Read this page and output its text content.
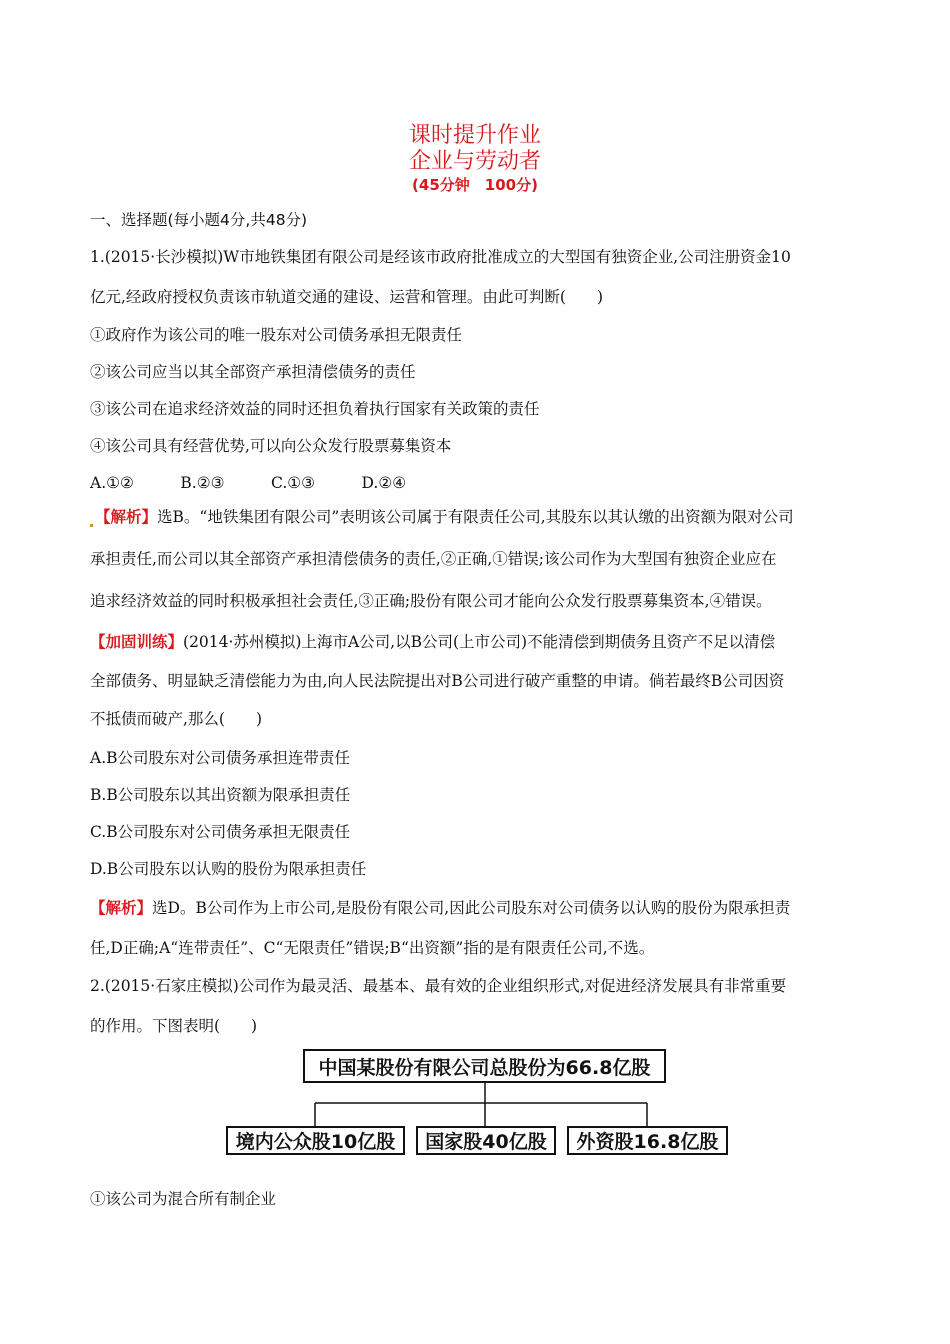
课时提升作业
企业与劳动者
(45分钟　100分)
一、选择题(每小题4分,共48分)
1.(2015·长沙模拟)W市地铁集团有限公司是经该市政府批准成立的大型国有独资企业,公司注册资金10
亿元,经政府授权负责该市轨道交通的建设、运营和管理。由此可判断(　　)
①政府作为该公司的唯一股东对公司债务承担无限责任
②该公司应当以其全部资产承担清偿债务的责任
③该公司在追求经济效益的同时还担负着执行国家有关政策的责任
④该公司具有经营优势,可以向公众发行股票募集资本
A.①②　　　B.②③　　　C.①③　　　D.②④
【解析】选B。“地铁集团有限公司”表明该公司属于有限责任公司,其股东以其认缴的出资额为限对公司
承担责任,而公司以其全部资产承担清偿债务的责任,②正确,①错误;该公司作为大型国有独资企业应在
追求经济效益的同时积极承担社会责任,③正确;股份有限公司才能向公众发行股票募集资本,④错误。
【加固训练】(2014·苏州模拟)上海市A公司,以B公司(上市公司)不能清偿到期债务且资产不足以清偿
全部债务、明显缺乏清偿能力为由,向人民法院提出对B公司进行破产重整的申请。倘若最终B公司因资
不抵债而破产,那么(　　)
A.B公司股东对公司债务承担连带责任
B.B公司股东以其出资额为限承担责任
C.B公司股东对公司债务承担无限责任
D.B公司股东以认购的股份为限承担责任
【解析】选D。B公司作为上市公司,是股份有限公司,因此公司股东对公司债务以认购的股份为限承担责
任,D正确;A“连带责任”、C“无限责任”错误;B“出资额”指的是有限责任公司,不选。
2.(2015·石家庄模拟)公司作为最灵活、最基本、最有效的企业组织形式,对促进经济发展具有非常重要
的作用。下图表明(　　)
中国某股份有限公司总股份为66.8亿股
境内公众股10亿股	国家股40亿股	外资股16.8亿股
①该公司为混合所有制企业
